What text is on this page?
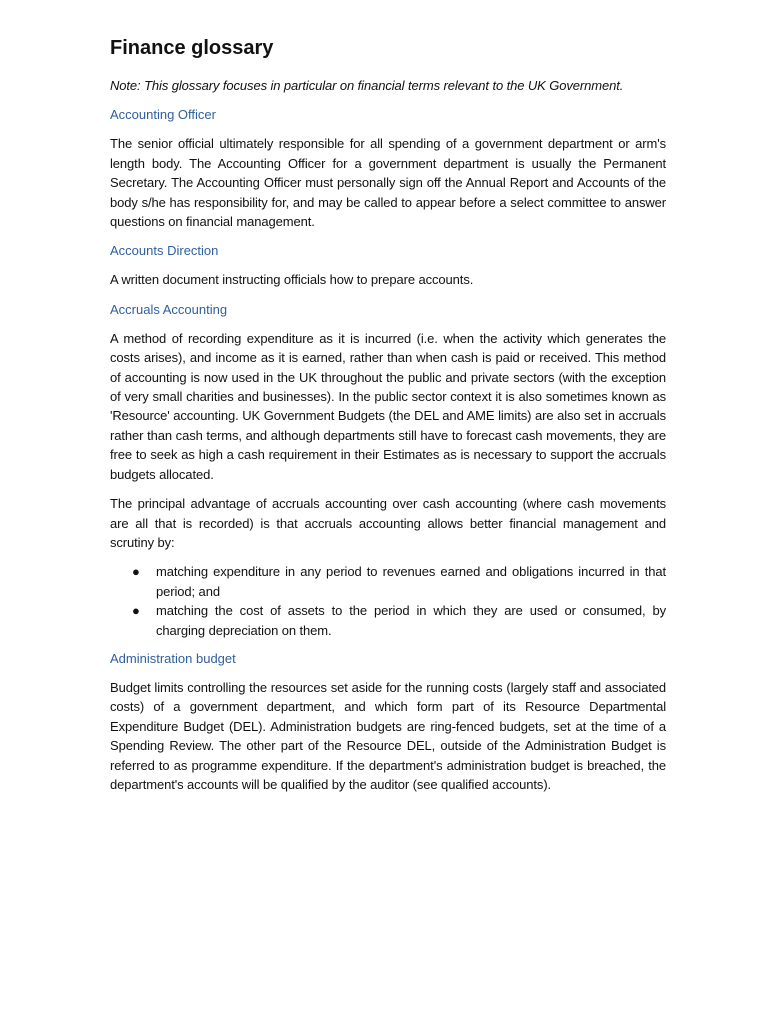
Finance glossary

Note: This glossary focuses in particular on financial terms relevant to the UK Government.

Accounting Officer

The senior official ultimately responsible for all spending of a government department or arm's length body. The Accounting Officer for a government department is usually the Permanent Secretary. The Accounting Officer must personally sign off the Annual Report and Accounts of the body s/he has responsibility for, and may be called to appear before a select committee to answer questions on financial management.

Accounts Direction

A written document instructing officials how to prepare accounts.

Accruals Accounting

A method of recording expenditure as it is incurred (i.e. when the activity which generates the costs arises), and income as it is earned, rather than when cash is paid or received. This method of accounting is now used in the UK throughout the public and private sectors (with the exception of very small charities and businesses). In the public sector context it is also sometimes known as 'Resource' accounting. UK Government Budgets (the DEL and AME limits) are also set in accruals rather than cash terms, and although departments still have to forecast cash movements, they are free to seek as high a cash requirement in their Estimates as is necessary to support the accruals budgets allocated.

The principal advantage of accruals accounting over cash accounting (where cash movements are all that is recorded) is that accruals accounting allows better financial management and scrutiny by:

● matching expenditure in any period to revenues earned and obligations incurred in that period; and
● matching the cost of assets to the period in which they are used or consumed, by charging depreciation on them.
Administration budget

Budget limits controlling the resources set aside for the running costs (largely staff and associated costs) of a government department, and which form part of its Resource Departmental Expenditure Budget (DEL). Administration budgets are ring-fenced budgets, set at the time of a Spending Review. The other part of the Resource DEL, outside of the Administration Budget is referred to as programme expenditure. If the department's administration budget is breached, the department's accounts will be qualified by the auditor (see qualified accounts).
